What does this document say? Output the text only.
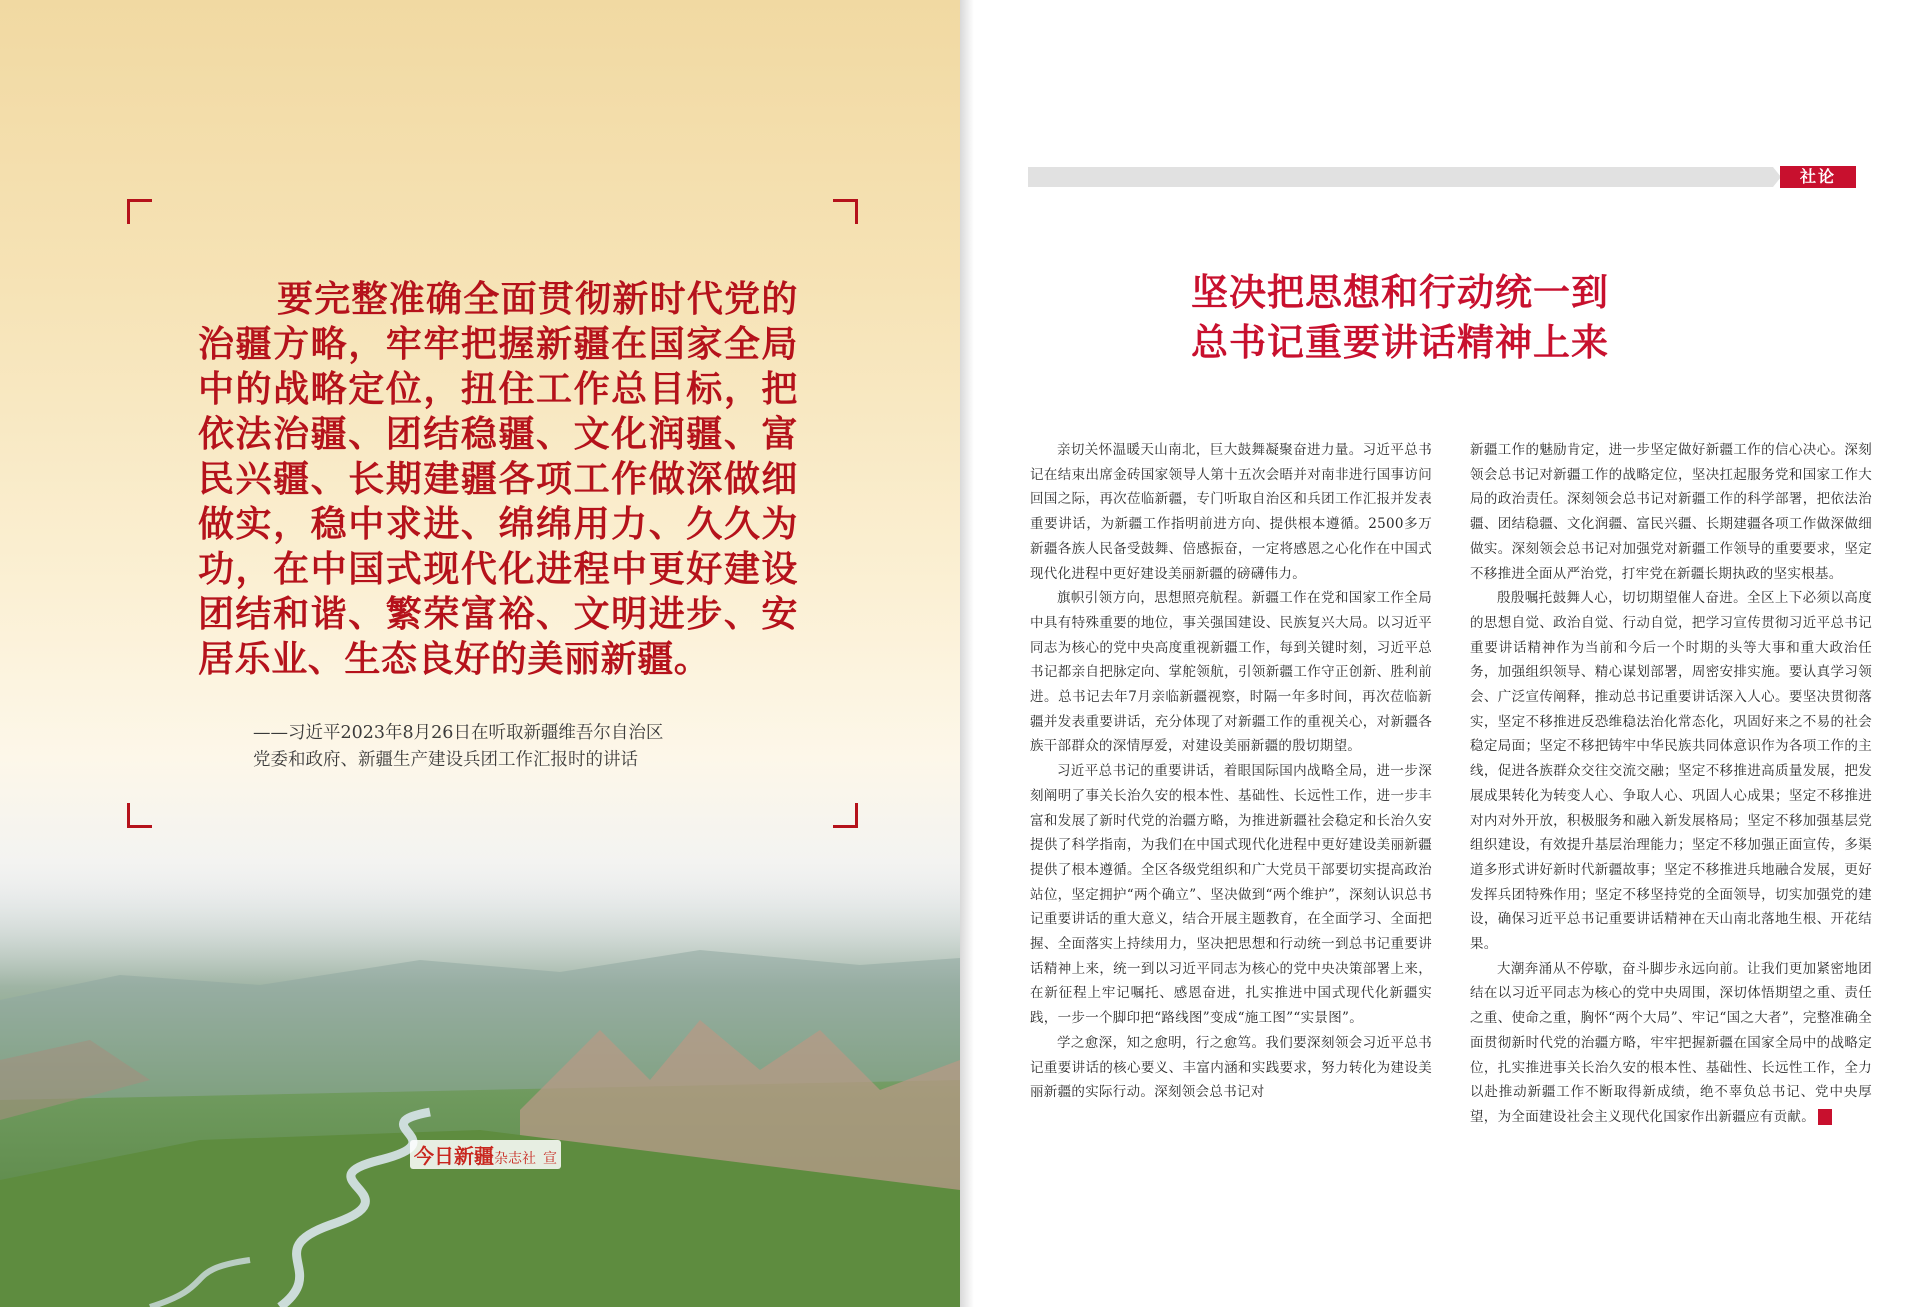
要完整准确全面贯彻新时代党的治疆方略，牢牢把握新疆在国家全局中的战略定位，扭住工作总目标，把依法治疆、团结稳疆、文化润疆、富民兴疆、长期建疆各项工作做深做细做实，稳中求进、绵绵用力、久久为功，在中国式现代化进程中更好建设团结和谐、繁荣富裕、文明进步、安居乐业、生态良好的美丽新疆。

——习近平2023年8月26日在听取新疆维吾尔自治区
党委和政府、新疆生产建设兵团工作汇报时的讲话
今日新疆杂志社 宣
社论
坚决把思想和行动统一到
总书记重要讲话精神上来

亲切关怀温暖天山南北，巨大鼓舞凝聚奋进力量。习近平总书记在结束出席金砖国家领导人第十五次会晤并对南非进行国事访问回国之际，再次莅临新疆，专门听取自治区和兵团工作汇报并发表重要讲话，为新疆工作指明前进方向、提供根本遵循。2500多万新疆各族人民备受鼓舞、倍感振奋，一定将感恩之心化作在中国式现代化进程中更好建设美丽新疆的磅礴伟力。

旗帜引领方向，思想照亮航程。新疆工作在党和国家工作全局中具有特殊重要的地位，事关强国建设、民族复兴大局。以习近平同志为核心的党中央高度重视新疆工作，每到关键时刻，习近平总书记都亲自把脉定向、掌舵领航，引领新疆工作守正创新、胜利前进。总书记去年7月亲临新疆视察，时隔一年多时间，再次莅临新疆并发表重要讲话，充分体现了对新疆工作的重视关心，对新疆各族干部群众的深情厚爱，对建设美丽新疆的殷切期望。

习近平总书记的重要讲话，着眼国际国内战略全局，进一步深刻阐明了事关长治久安的根本性、基础性、长远性工作，进一步丰富和发展了新时代党的治疆方略，为推进新疆社会稳定和长治久安提供了科学指南，为我们在中国式现代化进程中更好建设美丽新疆提供了根本遵循。全区各级党组织和广大党员干部要切实提高政治站位，坚定拥护“两个确立”、坚决做到“两个维护”，深刻认识总书记重要讲话的重大意义，结合开展主题教育，在全面学习、全面把握、全面落实上持续用力，坚决把思想和行动统一到总书记重要讲话精神上来，统一到以习近平同志为核心的党中央决策部署上来，在新征程上牢记嘱托、感恩奋进，扎实推进中国式现代化新疆实践，一步一个脚印把“路线图”变成“施工图”“实景图”。

学之愈深，知之愈明，行之愈笃。我们要深刻领会习近平总书记重要讲话的核心要义、丰富内涵和实践要求，努力转化为建设美丽新疆的实际行动。深刻领会总书记对

新疆工作的魅励肯定，进一步坚定做好新疆工作的信心决心。深刻领会总书记对新疆工作的战略定位，坚决扛起服务党和国家工作大局的政治责任。深刻领会总书记对新疆工作的科学部署，把依法治疆、团结稳疆、文化润疆、富民兴疆、长期建疆各项工作做深做细做实。深刻领会总书记对加强党对新疆工作领导的重要要求，坚定不移推进全面从严治党，打牢党在新疆长期执政的坚实根基。

殷殷嘱托鼓舞人心，切切期望催人奋进。全区上下必须以高度的思想自觉、政治自觉、行动自觉，把学习宣传贯彻习近平总书记重要讲话精神作为当前和今后一个时期的头等大事和重大政治任务，加强组织领导、精心谋划部署，周密安排实施。要认真学习领会、广泛宣传阐释，推动总书记重要讲话深入人心。要坚决贯彻落实，坚定不移推进反恐维稳法治化常态化，巩固好来之不易的社会稳定局面；坚定不移把铸牢中华民族共同体意识作为各项工作的主线，促进各族群众交往交流交融；坚定不移推进高质量发展，把发展成果转化为转变人心、争取人心、巩固人心成果；坚定不移推进对内对外开放，积极服务和融入新发展格局；坚定不移加强基层党组织建设，有效提升基层治理能力；坚定不移加强正面宣传，多渠道多形式讲好新时代新疆故事；坚定不移推进兵地融合发展，更好发挥兵团特殊作用；坚定不移坚持党的全面领导，切实加强党的建设，确保习近平总书记重要讲话精神在天山南北落地生根、开花结果。

大潮奔涌从不停歇，奋斗脚步永远向前。让我们更加紧密地团结在以习近平同志为核心的党中央周围，深切体悟期望之重、责任之重、使命之重，胸怀“两个大局”、牢记“国之大者”，完整准确全面贯彻新时代党的治疆方略，牢牢把握新疆在国家全局中的战略定位，扎实推进事关长治久安的根本性、基础性、长远性工作，全力以赴推动新疆工作不断取得新成绩，绝不辜负总书记、党中央厚望，为全面建设社会主义现代化国家作出新疆应有贡献。	丿
